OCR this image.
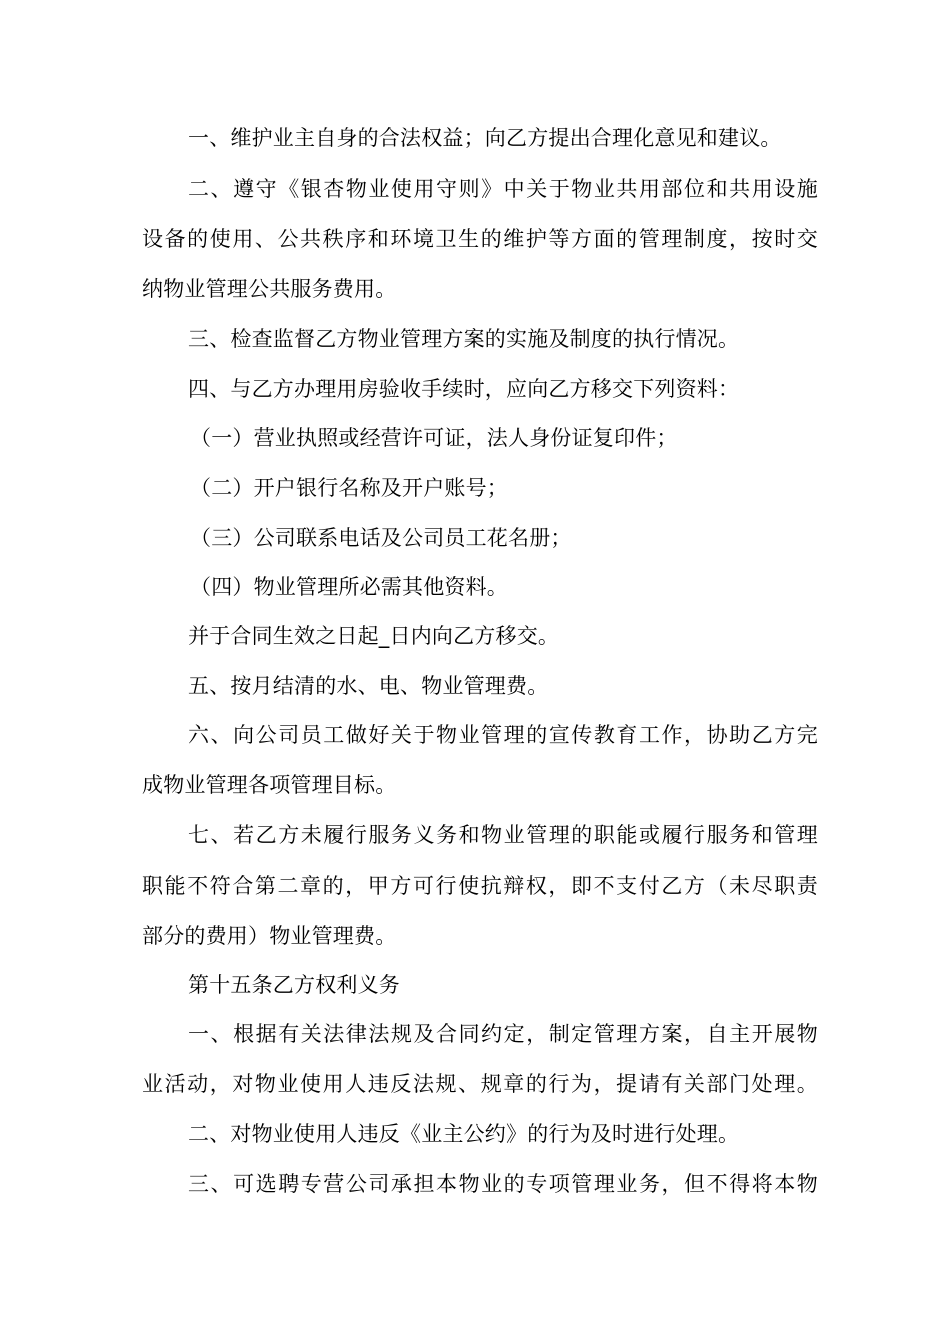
一、维护业主自身的合法权益；向乙方提出合理化意见和建议。
二、遵守《银杏物业使用守则》中关于物业共用部位和共用设施
设备的使用、公共秩序和环境卫生的维护等方面的管理制度，按时交
纳物业管理公共服务费用。
三、检查监督乙方物业管理方案的实施及制度的执行情况。
四、与乙方办理用房验收手续时，应向乙方移交下列资料：
（一）营业执照或经营许可证，法人身份证复印件；
（二）开户银行名称及开户账号；
（三）公司联系电话及公司员工花名册；
（四）物业管理所必需其他资料。
并于合同生效之日起_日内向乙方移交。
五、按月结清的水、电、物业管理费。
六、向公司员工做好关于物业管理的宣传教育工作，协助乙方完
成物业管理各项管理目标。
七、若乙方未履行服务义务和物业管理的职能或履行服务和管理
职能不符合第二章的，甲方可行使抗辩权，即不支付乙方（未尽职责
部分的费用）物业管理费。
第十五条乙方权利义务
一、根据有关法律法规及合同约定，制定管理方案，自主开展物
业活动，对物业使用人违反法规、规章的行为，提请有关部门处理。
二、对物业使用人违反《业主公约》的行为及时进行处理。
三、可选聘专营公司承担本物业的专项管理业务，但不得将本物
